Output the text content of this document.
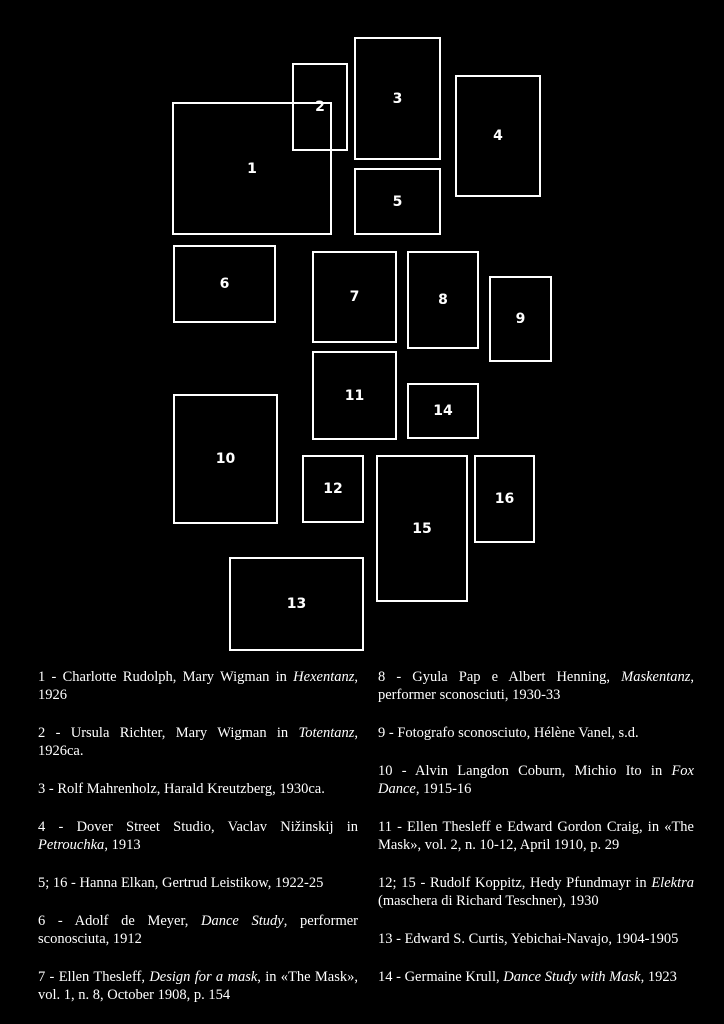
1
2
3
4
5
6
7	8
9
10
11
12
13
14
15
16

1 - Charlotte Rudolph, Mary Wigman in Hexentanz, 1926

2 - Ursula Richter, Mary Wigman in Totentanz, 1926ca.

3 - Rolf Mahrenholz, Harald Kreutzberg, 1930ca.

4 - Dover Street Studio, Vaclav Nižinskij in Petrouchka, 1913

5; 16 - Hanna Elkan, Gertrud Leistikow, 1922-25

6 - Adolf de Meyer, Dance Study, performer sconosciuta, 1912

7 - Ellen Thesleff, Design for a mask, in «The Mask», vol. 1, n. 8, October 1908, p. 154

8 - Gyula Pap e Albert Henning, Maskentanz, performer sconosciuti, 1930-33

9 - Fotografo sconosciuto, Hélène Vanel, s.d.

10 - Alvin Langdon Coburn, Michio Ito in Fox Dance, 1915-16

11 - Ellen Thesleff e Edward Gordon Craig, in «The Mask», vol. 2, n. 10-12, April 1910, p. 29

12; 15 - Rudolf Koppitz, Hedy Pfundmayr in Elektra (maschera di Richard Teschner), 1930

13 - Edward S. Curtis, Yebichai-Navajo, 1904-1905

14 - Germaine Krull, Dance Study with Mask, 1923
